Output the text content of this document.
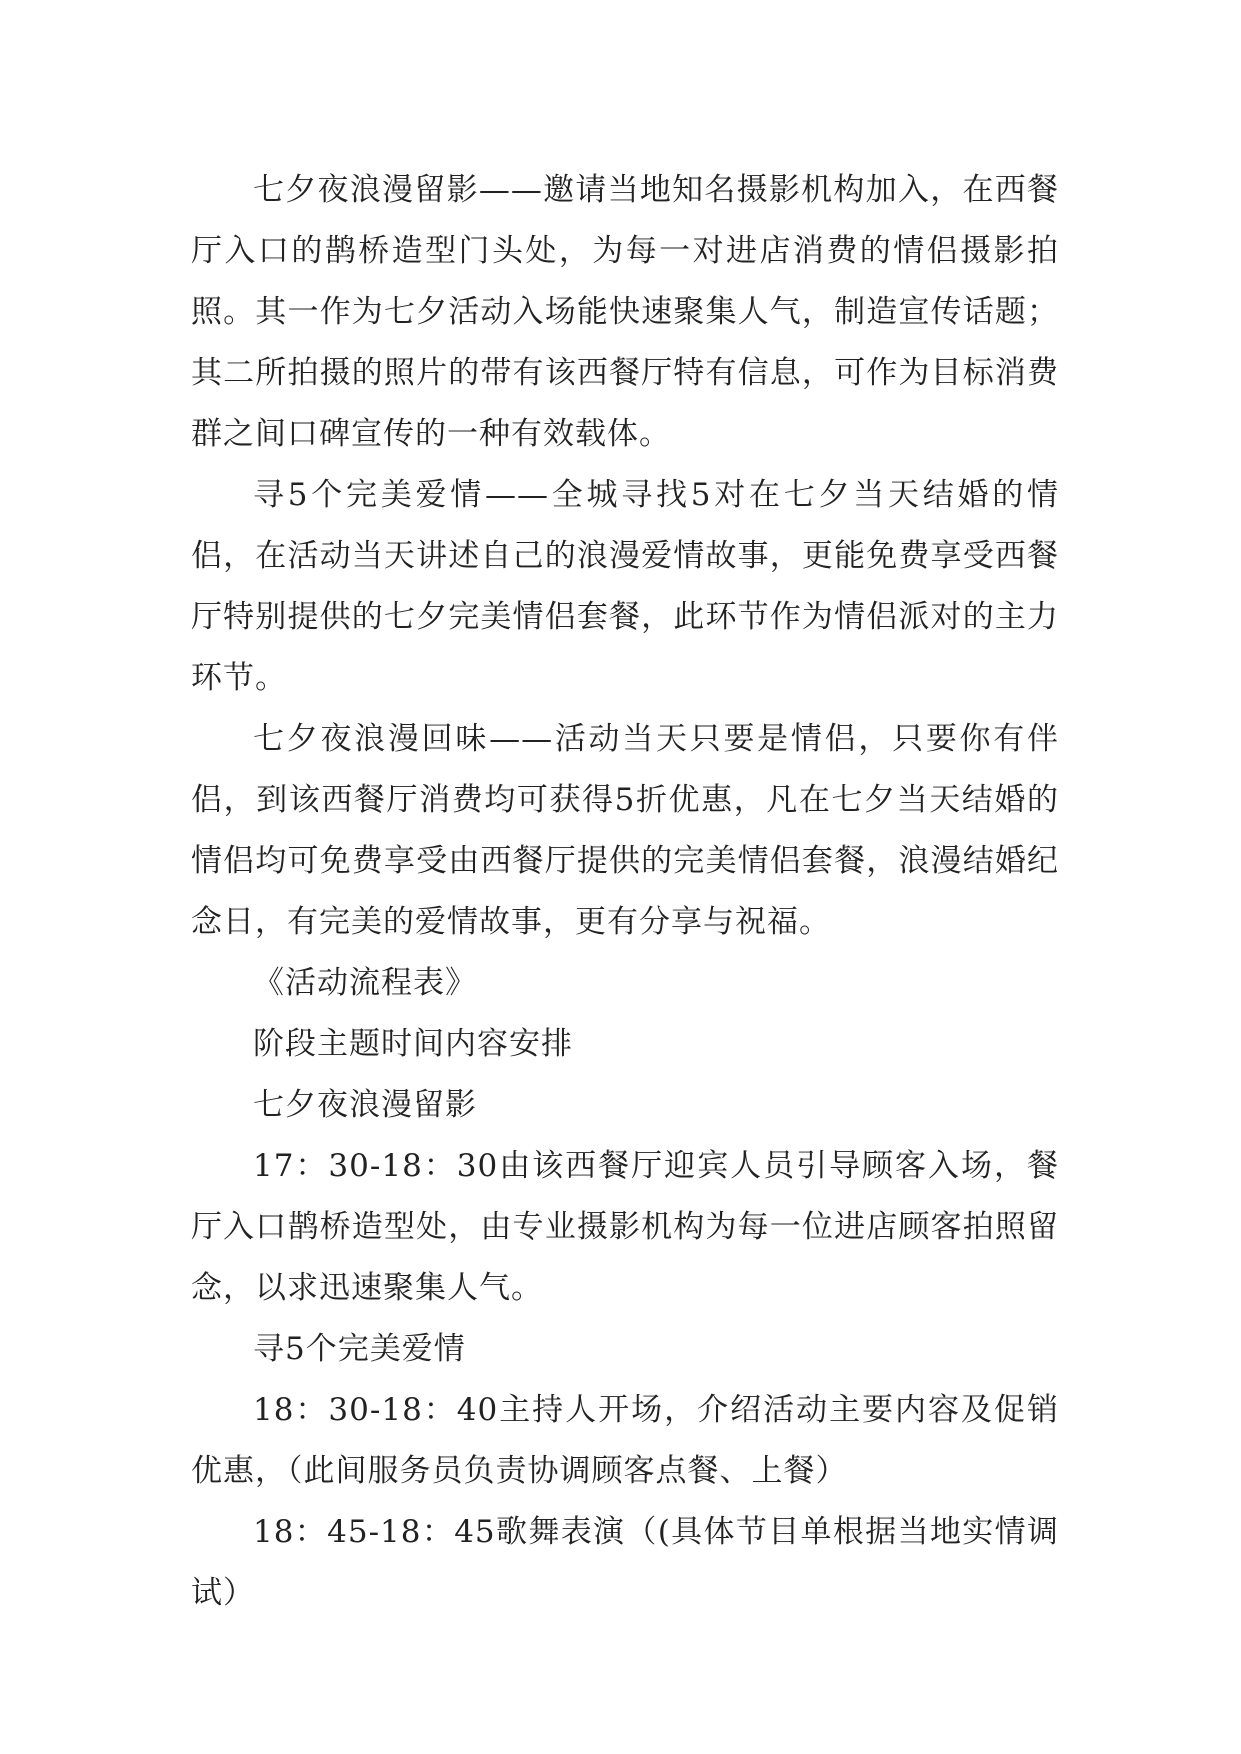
七夕夜浪漫留影——邀请当地知名摄影机构加入，在西餐厅入口的鹊桥造型门头处，为每一对进店消费的情侣摄影拍照。其一作为七夕活动入场能快速聚集人气，制造宣传话题；其二所拍摄的照片的带有该西餐厅特有信息，可作为目标消费群之间口碑宣传的一种有效载体。

寻5个完美爱情——全城寻找5对在七夕当天结婚的情侣，在活动当天讲述自己的浪漫爱情故事，更能免费享受西餐厅特别提供的七夕完美情侣套餐，此环节作为情侣派对的主力环节。

七夕夜浪漫回味——活动当天只要是情侣，只要你有伴侣，到该西餐厅消费均可获得5折优惠，凡在七夕当天结婚的情侣均可免费享受由西餐厅提供的完美情侣套餐，浪漫结婚纪念日，有完美的爱情故事，更有分享与祝福。

《活动流程表》

阶段主题时间内容安排

七夕夜浪漫留影

17：30-18：30由该西餐厅迎宾人员引导顾客入场，餐厅入口鹊桥造型处，由专业摄影机构为每一位进店顾客拍照留念，以求迅速聚集人气。

寻5个完美爱情

18：30-18：40主持人开场，介绍活动主要内容及促销优惠，（此间服务员负责协调顾客点餐、上餐）

18：45-18：45歌舞表演（(具体节目单根据当地实情调试）
